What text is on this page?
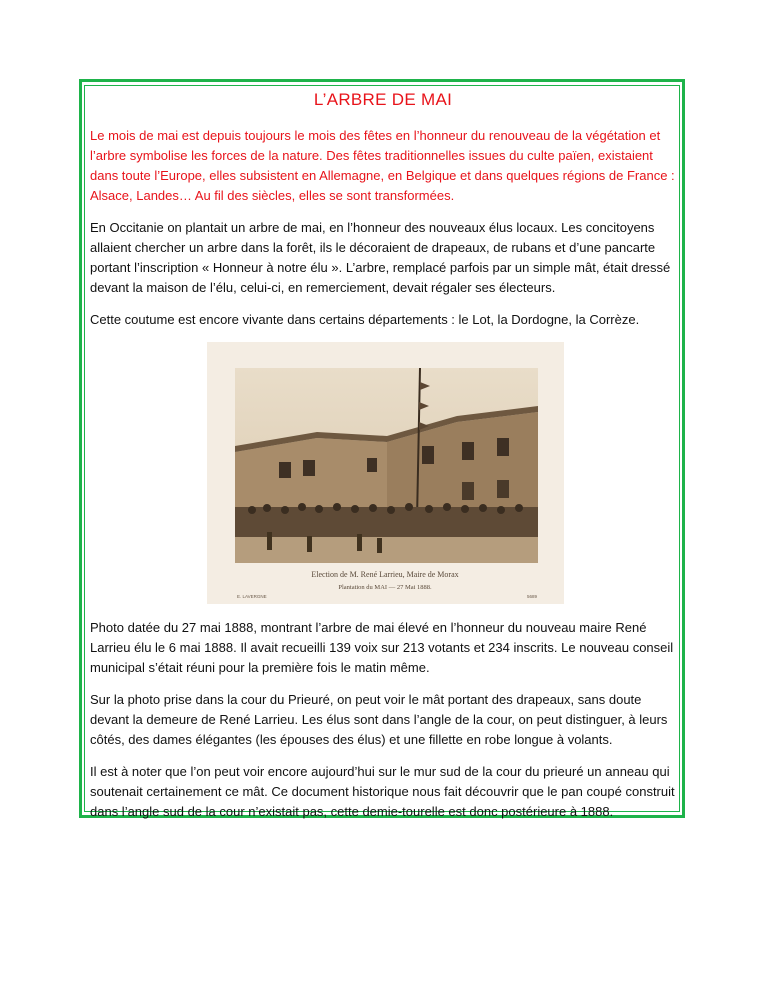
L’ARBRE DE MAI

Le mois de mai est depuis toujours le mois des fêtes en l’honneur du renouveau de la végétation et l’arbre symbolise les forces de la nature. Des fêtes traditionnelles issues du culte païen, existaient dans toute l’Europe, elles subsistent en Allemagne, en Belgique et dans quelques régions de France : Alsace, Landes… Au fil des siècles, elles se sont transformées.

En Occitanie on plantait un arbre de mai, en l’honneur des nouveaux élus locaux. Les concitoyens allaient chercher un arbre dans la forêt, ils le décoraient de drapeaux, de rubans et d’une pancarte portant l’inscription « Honneur à notre élu ». L’arbre, remplacé parfois par un simple mât, était dressé devant la maison de l’élu, celui-ci, en remerciement, devait régaler ses électeurs.

Cette coutume est encore vivante dans certains départements : le Lot, la Dordogne, la Corrèze.

Election de M. René Larrieu, Maire de Morax
Plantation du MAI — 27 Mai 1888.
E. LAVERGNE	5689

Photo datée du 27 mai 1888, montrant l’arbre de mai élevé en l’honneur du nouveau maire René Larrieu élu le 6 mai 1888. Il avait recueilli 139 voix sur 213 votants et 234 inscrits. Le nouveau conseil municipal s’était réuni pour la première fois le matin même.

Sur la photo prise dans la cour du Prieuré, on peut voir le mât portant des drapeaux, sans doute devant la demeure de René Larrieu. Les élus sont dans l’angle de la cour, on peut distinguer, à leurs côtés, des dames élégantes (les épouses des élus) et une fillette en robe longue à volants.

Il est à noter que l’on peut voir encore aujourd’hui sur le mur sud de la cour du prieuré un anneau qui soutenait certainement ce mât. Ce document historique nous fait découvrir que le pan coupé construit dans l’angle sud de la cour n’existait pas, cette demie-tourelle est donc postérieure à 1888.
